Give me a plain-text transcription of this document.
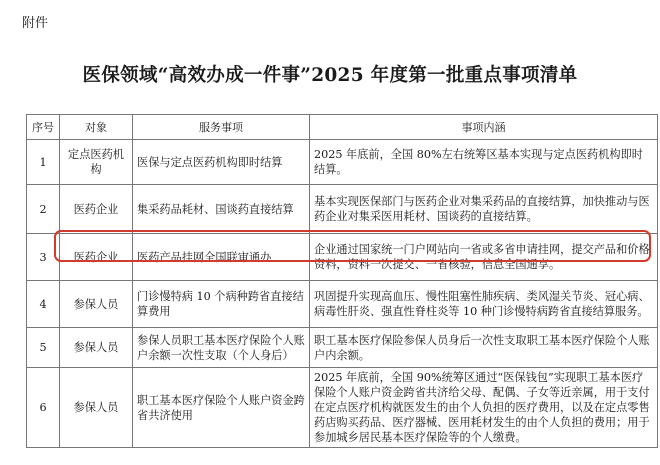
附件
医保领域“高效办成一件事”2025 年度第一批重点事项清单
序号	对象	服务事项	事项内涵
1	定点医药机构	医保与定点医药机构即时结算	2025 年底前，全国 80%左右统筹区基本实现与定点医药机构即时结算。
2	医药企业	集采药品耗材、国谈药直接结算	基本实现医保部门与医药企业对集采药品的直接结算，加快推动与医药企业对集采医用耗材、国谈药的直接结算。
3	医药企业	医药产品挂网全国联审通办	企业通过国家统一门户网站向一省或多省申请挂网，提交产品和价格资料，资料一次提交、一省核验，信息全国通享。
4	参保人员	门诊慢特病 10 个病种跨省直接结算费用	巩固提升实现高血压、慢性阻塞性肺疾病、类风湿关节炎、冠心病、病毒性肝炎、强直性脊柱炎等 10 种门诊慢特病跨省直接结算服务。
5	参保人员	参保人员职工基本医疗保险个人账户余额一次性支取（个人身后）	职工基本医疗保险参保人员身后一次性支取职工基本医疗保险个人账户内余额。
6	参保人员	职工基本医疗保险个人账户资金跨省共济使用	2025 年底前，全国 90%统筹区通过“医保钱包”实现职工基本医疗保险个人账户资金跨省共济给父母、配偶、子女等近亲属，用于支付在定点医疗机构就医发生的由个人负担的医疗费用，以及在定点零售药店购买药品、医疗器械、医用耗材发生的由个人负担的费用；用于参加城乡居民基本医疗保险等的个人缴费。
